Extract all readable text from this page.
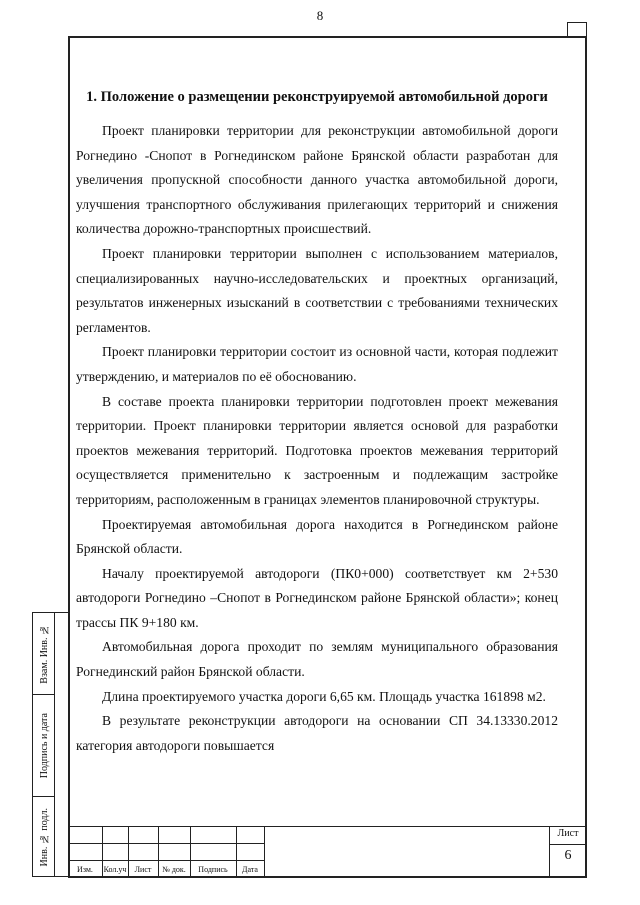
8
Взам. Инв. №
Подпись и дата
Инв. № подл.
1. Положение о размещении реконструируемой автомобильной дороги

Проект планировки территории для реконструкции автомобильной дороги Рогнедино -Снопот в Рогнединском районе Брянской области разработан для увеличения пропускной способности данного участка автомобильной дороги, улучшения транспортного обслуживания прилегающих территорий и снижения количества дорожно-транспортных происшествий.

Проект планировки территории выполнен с использованием материалов, специализированных научно-исследовательских и проектных организаций, результатов инженерных изысканий в соответствии с требованиями технических регламентов.

Проект планировки территории состоит из основной части, которая подлежит утверждению, и материалов по её обоснованию.

В составе проекта планировки территории подготовлен проект межевания территории. Проект планировки территории является основой для разработки проектов межевания территорий. Подготовка проектов межевания территорий осуществляется применительно к застроенным и подлежащим застройке территориям, расположенным в границах элементов планировочной структуры.

Проектируемая автомобильная дорога находится в Рогнединском районе Брянской области.

Началу проектируемой автодороги (ПК0+000) соответствует км 2+530 автодороги Рогнедино –Снопот в Рогнединском районе Брянской области»; конец трассы ПК 9+180 км.

Автомобильная дорога проходит по землям муниципального образования Рогнединский район Брянской области.

Длина проектируемого участка дороги 6,65 км. Площадь участка 161898 м2.

В результате реконструкции автодороги на основании СП 34.13330.2012 категория автодороги повышается

Изм.	Кол.уч	Лист	№ док.	Подпись	Дата
Лист
6
